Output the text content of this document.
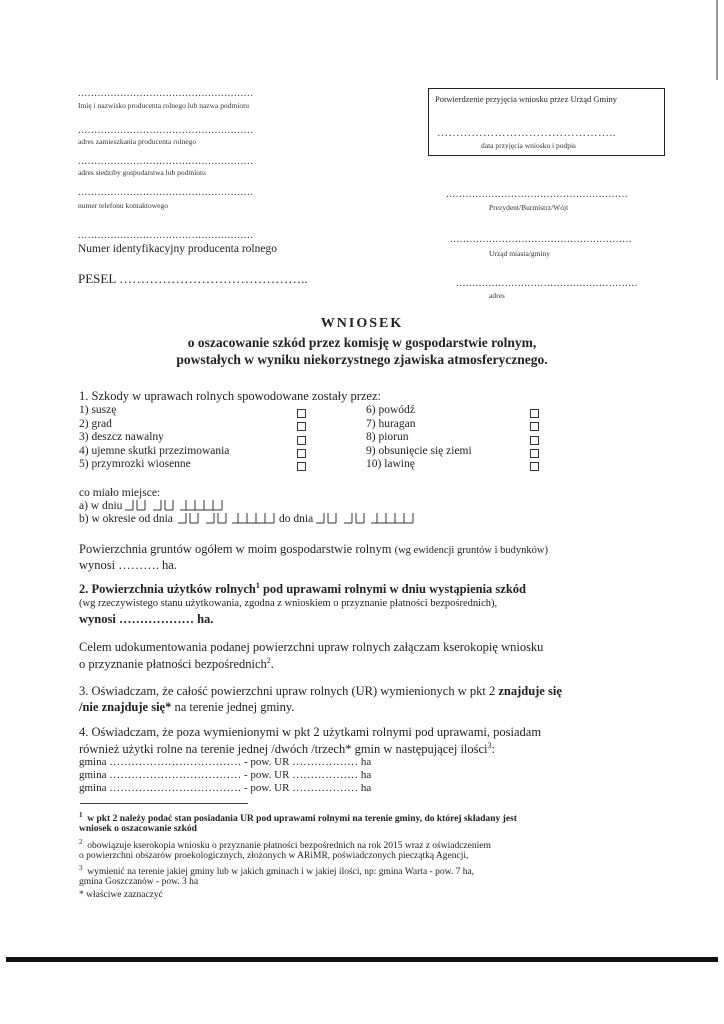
......................................................
Imię i nazwisko producenta rolnego lub nazwa podmiotu
......................................................
adres zamieszkania producenta rolnego
......................................................
adres siedziby gospodarstwa lub podmiotu
......................................................
numer telefonu kontaktowego
......................................................
Numer identyfikacyjny producenta rolnego
PESEL ……………………………………..
Potwierdzenie przyjęcia wniosku przez Urząd Gminy
………………………………………..
data przyjęcia wniosku i podpis
........................................................
Prezydent/Burmistrz/Wójt
........................................................
Urząd miasta/gminy
........................................................
adres
WNIOSEK
o oszacowanie szkód przez komisję w gospodarstwie rolnym,
powstałych w wyniku niekorzystnego zjawiska atmosferycznego.
1. Szkody w uprawach rolnych spowodowane zostały przez:
1) suszę
2) grad
3) deszcz nawalny
4) ujemne skutki przezimowania
5) przymrozki wiosenne
6) powódź
7) huragan
8) piorun
9) obsunięcie się ziemi
10) lawinę
co miało miejsce:
a) w dniu
b) w okresie od dnia	do dnia
Powierzchnia gruntów ogółem w moim gospodarstwie rolnym (wg ewidencji gruntów i budynków)
wynosi ………. ha.
2. Powierzchnia użytków rolnych$^1$ pod uprawami rolnymi w dniu wystąpienia szkód
(wg rzeczywistego stanu użytkowania, zgodna z wnioskiem o przyznanie płatności bezpośrednich),
wynosi ……………… ha.
Celem udokumentowania podanej powierzchni upraw rolnych załączam kserokopię wniosku
o przyznanie płatności bezpośrednich$^2$.
3. Oświadczam, że całość powierzchni upraw rolnych (UR) wymienionych w pkt 2 znajduje się
/nie znajduje się* na terenie jednej gminy.
4. Oświadczam, że poza wymienionymi w pkt 2 użytkami rolnymi pod uprawami, posiadam
również użytki rolne na terenie jednej /dwóch /trzech* gmin w następującej ilości$^3$:
gmina ……………………………… - pow. UR ……………… ha
gmina ……………………………… - pow. UR ……………… ha
gmina ……………………………… - pow. UR ……………… ha
$^1$ w pkt 2 należy podać stan posiadania UR pod uprawami rolnymi na terenie gminy, do której składany jest
wniosek o oszacowanie szkód
$^2$ obowiązuje kserokopia wniosku o przyznanie płatności bezpośrednich na rok 2015 wraz z oświadczeniem
o powierzchni obszarów proekologicznych, złożonych w ARiMR, poświadczonych pieczątką Agencji,
$^3$ wymienić na terenie jakiej gminy lub w jakich gminach i w jakiej ilości, np: gmina Warta - pow. 7 ha,
gmina Goszczanów - pow. 3 ha
* właściwe zaznaczyć
